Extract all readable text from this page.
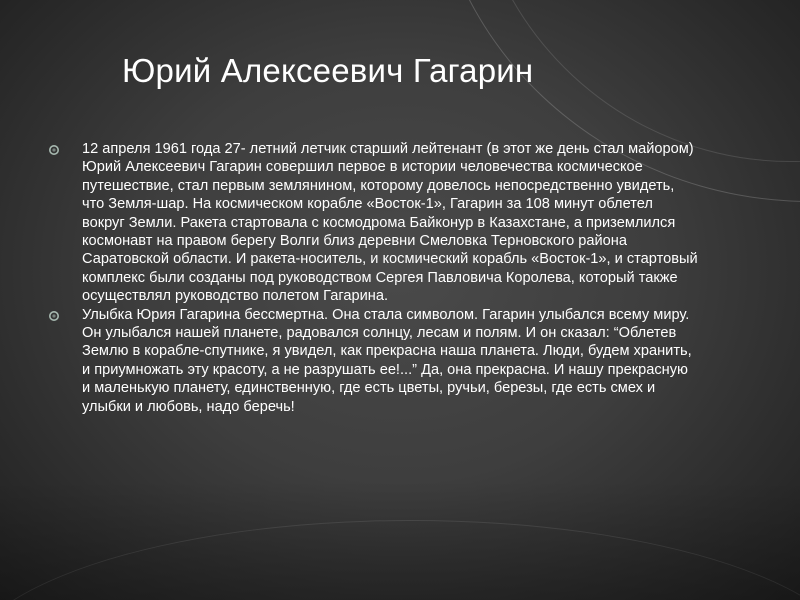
Юрий Алексеевич Гагарин
12 апреля 1961 года 27- летний летчик старший лейтенант (в этот же день стал майором) Юрий Алексеевич Гагарин совершил первое в истории человечества космическое путешествие, стал первым землянином, которому довелось непосредственно увидеть, что Земля-шар. На космическом корабле «Восток-1», Гагарин за 108 минут облетел вокруг Земли. Ракета стартовала с космодрома Байконур в Казахстане, а приземлился космонавт на правом берегу Волги близ деревни Смеловка Терновского района Саратовской области. И ракета-носитель, и космический корабль «Восток-1», и стартовый комплекс были созданы под руководством Сергея Павловича Королева, который также осуществлял руководство полетом Гагарина.
Улыбка Юрия Гагарина бессмертна. Она стала символом. Гагарин улыбался всему миру. Он улыбался нашей планете, радовался солнцу, лесам и полям. И он сказал: “Облетев Землю в корабле-спутнике, я увидел, как прекрасна наша планета. Люди, будем хранить, и приумножать эту красоту, а не разрушать ее!...” Да, она прекрасна. И нашу прекрасную и маленькую планету, единственную, где есть цветы, ручьи, березы, где есть смех и улыбки и любовь, надо беречь!
